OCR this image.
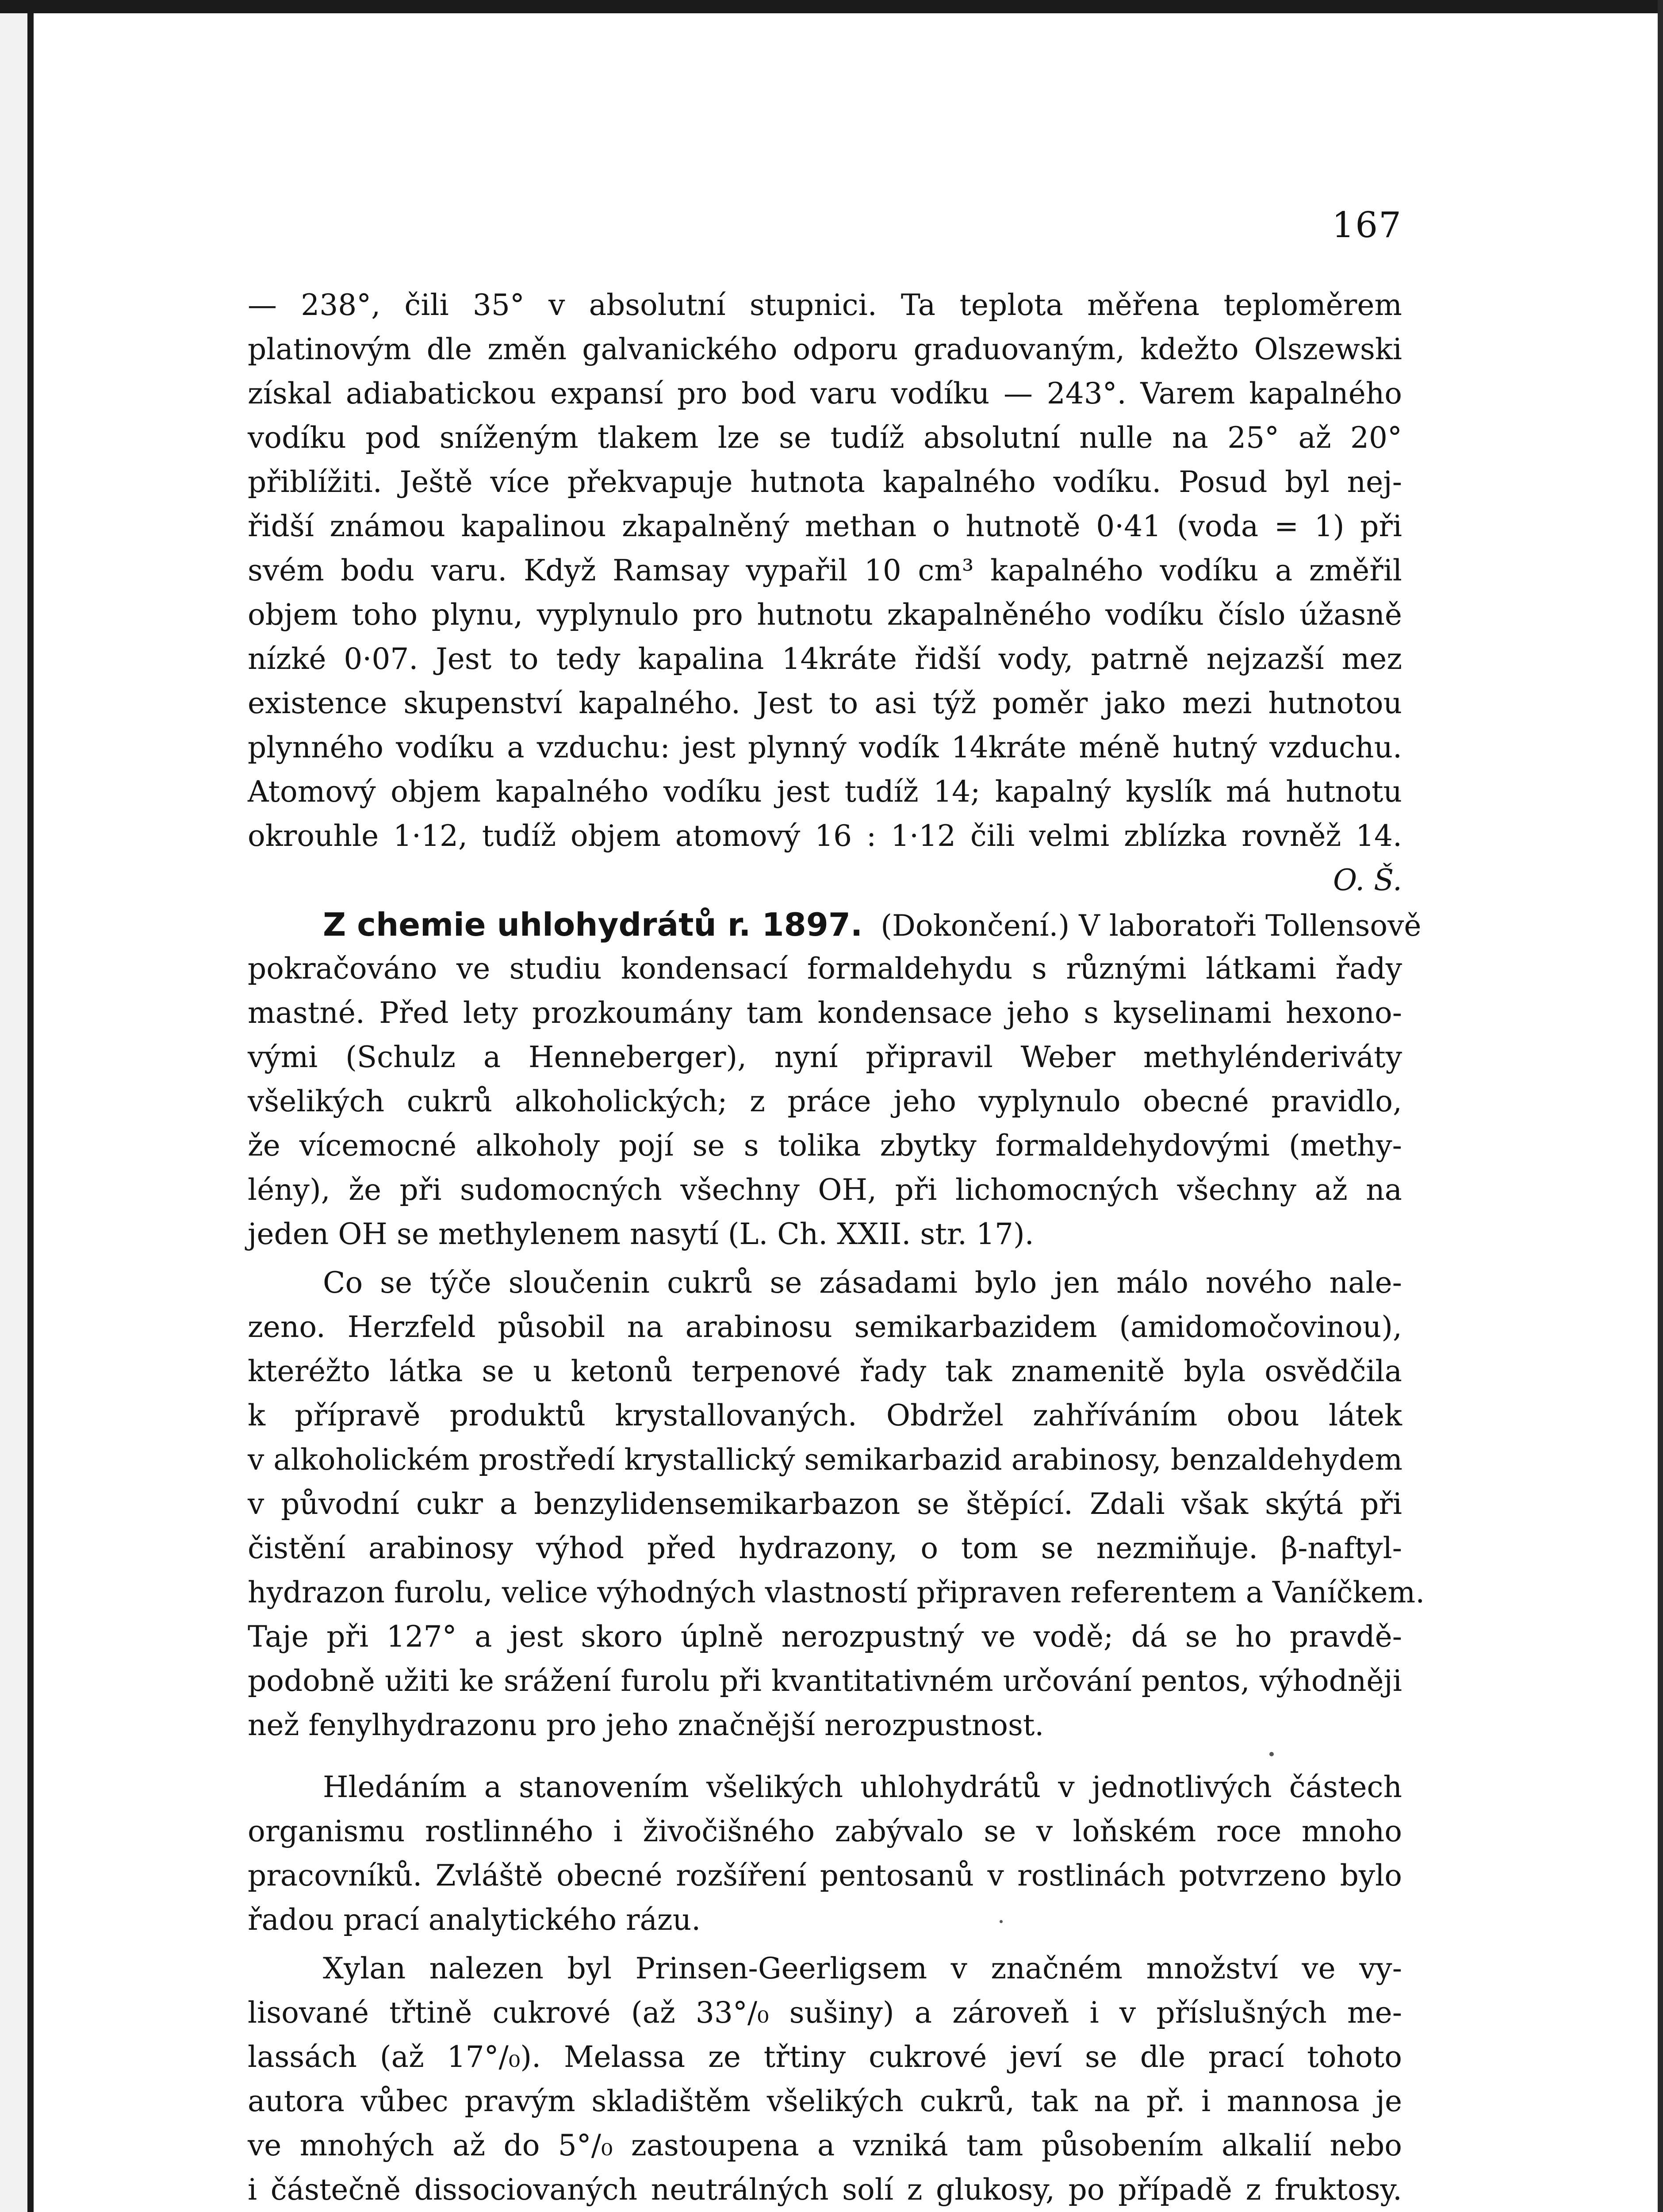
167
— 238°, čili 35° v absolutní stupnici. Ta teplota měřena teploměrem
platinovým dle změn galvanického odporu graduovaným, kdežto Olszewski
získal adiabatickou expansí pro bod varu vodíku — 243°. Varem kapalného
vodíku pod sníženým tlakem lze se tudíž absolutní nulle na 25° až 20°
přiblížiti. Ještě více překvapuje hutnota kapalného vodíku. Posud byl nej-
řidší známou kapalinou zkapalněný methan o hutnotě 0·41 (voda = 1) při
svém bodu varu. Když Ramsay vypařil 10 cm³ kapalného vodíku a změřil
objem toho plynu, vyplynulo pro hutnotu zkapalněného vodíku číslo úžasně
nízké 0·07. Jest to tedy kapalina 14kráte řidší vody, patrně nejzazší mez
existence skupenství kapalného. Jest to asi týž poměr jako mezi hutnotou
plynného vodíku a vzduchu: jest plynný vodík 14kráte méně hutný vzduchu.
Atomový objem kapalného vodíku jest tudíž 14; kapalný kyslík má hutnotu
okrouhle 1·12, tudíž objem atomový 16 : 1·12 čili velmi zblízka rovněž 14.
O. Š.
Z chemie uhlohydrátů r. 1897. (Dokončení.) V laboratoři Tollensově
pokračováno ve studiu kondensací formaldehydu s různými látkami řady
mastné. Před lety prozkoumány tam kondensace jeho s kyselinami hexono-
vými (Schulz a Henneberger), nyní připravil Weber methylénderiváty
všelikých cukrů alkoholických; z práce jeho vyplynulo obecné pravidlo,
že vícemocné alkoholy pojí se s tolika zbytky formaldehydovými (methy-
lény), že při sudomocných všechny OH, při lichomocných všechny až na
jeden OH se methylenem nasytí (L. Ch. XXII. str. 17).
Co se týče sloučenin cukrů se zásadami bylo jen málo nového nale-
zeno. Herzfeld působil na arabinosu semikarbazidem (amidomočovinou),
kteréžto látka se u ketonů terpenové řady tak znamenitě byla osvědčila
k přípravě produktů krystallovaných. Obdržel zahříváním obou látek
v alkoholickém prostředí krystallický semikarbazid arabinosy, benzaldehydem
v původní cukr a benzylidensemikarbazon se štěpící. Zdali však skýtá při
čistění arabinosy výhod před hydrazony, o tom se nezmiňuje. β-naftyl-
hydrazon furolu, velice výhodných vlastností připraven referentem a Vaníčkem.
Taje při 127° a jest skoro úplně nerozpustný ve vodě; dá se ho pravdě-
podobně užiti ke srážení furolu při kvantitativném určování pentos, výhodněji
než fenylhydrazonu pro jeho značnější nerozpustnost.
Hledáním a stanovením všelikých uhlohydrátů v jednotlivých částech
organismu rostlinného i živočišného zabývalo se v loňském roce mnoho
pracovníků. Zvláště obecné rozšíření pentosanů v rostlinách potvrzeno bylo
řadou prací analytického rázu.
Xylan nalezen byl Prinsen-Geerligsem v značném množství ve vy-
lisované třtině cukrové (až 33°/₀ sušiny) a zároveň i v příslušných me-
lassách (až 17°/₀). Melassa ze třtiny cukrové jeví se dle prací tohoto
autora vůbec pravým skladištěm všelikých cukrů, tak na př. i mannosa je
ve mnohých až do 5°/₀ zastoupena a vzniká tam působením alkalií nebo
i částečně dissociovaných neutrálných solí z glukosy, po případě z fruktosy.
